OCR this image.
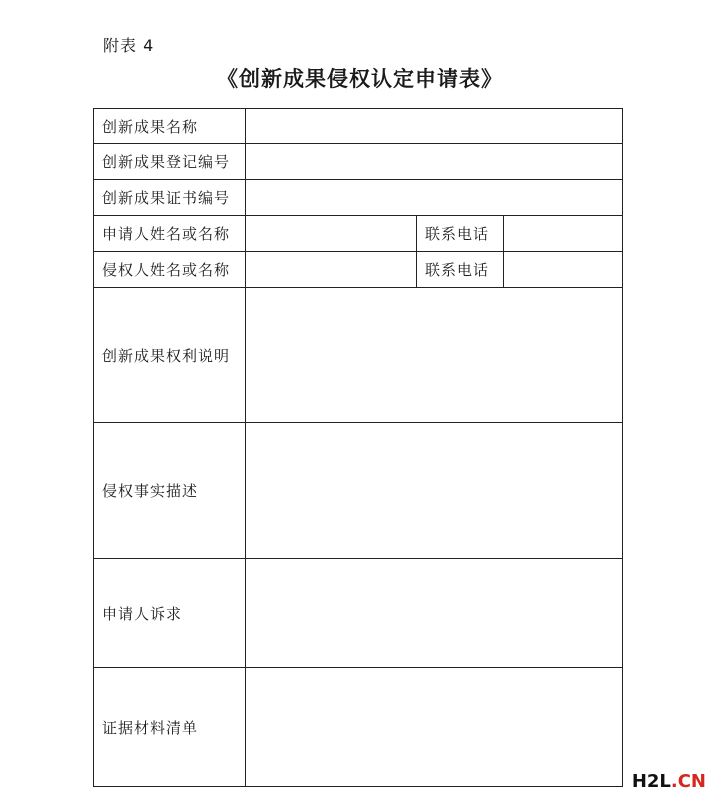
附表 4
《创新成果侵权认定申请表》
创新成果名称			
创新成果登记编号			
创新成果证书编号			
申请人姓名或名称		联系电话	
侵权人姓名或名称		联系电话	
创新成果权利说明			
侵权事实描述			
申请人诉求			
证据材料清单			
H2L.CN
